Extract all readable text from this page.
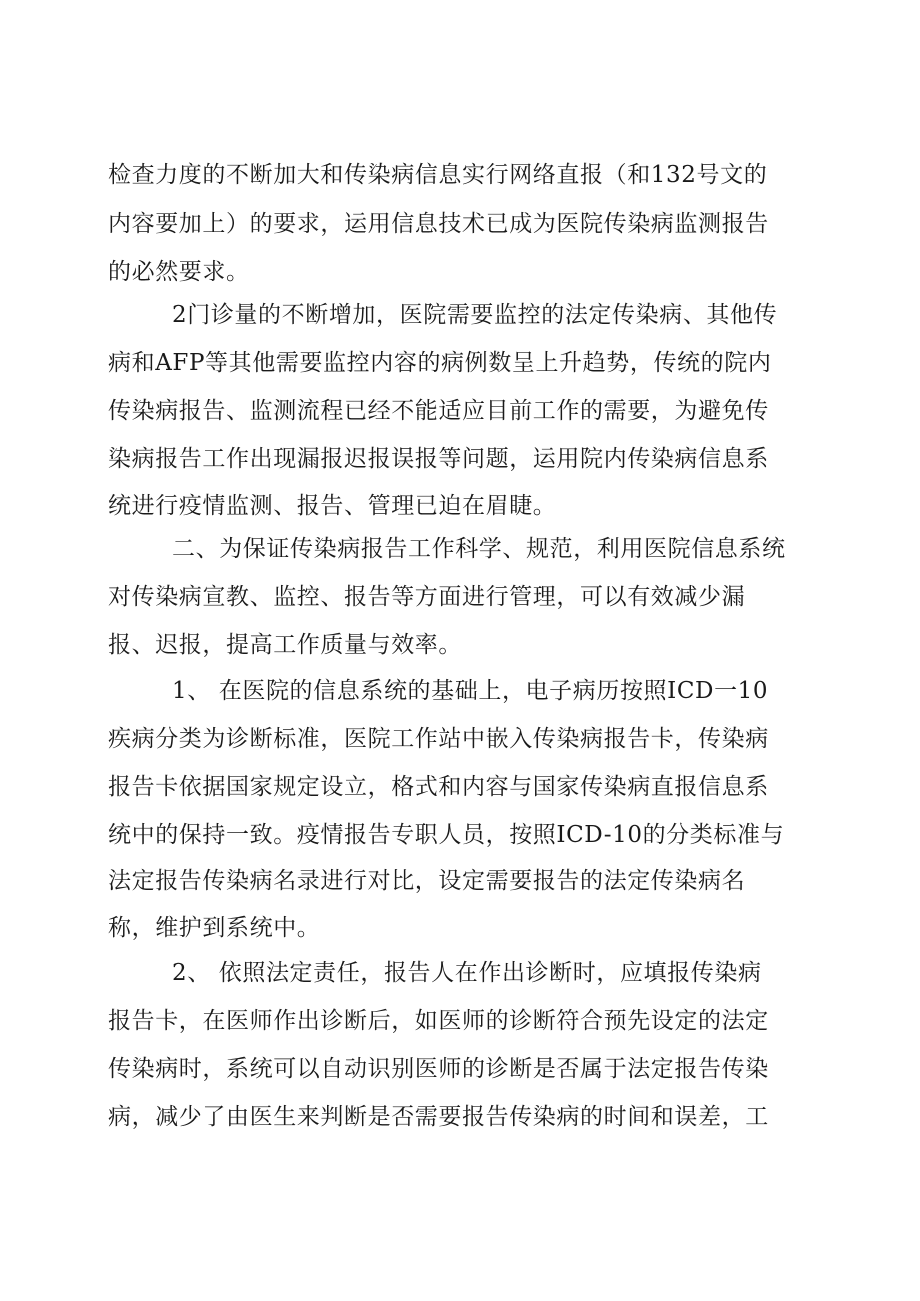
检查力度的不断加大和传染病信息实行网络直报（和132号文的
内容要加上）的要求，运用信息技术已成为医院传染病监测报告
的必然要求。
2门诊量的不断增加，医院需要监控的法定传染病、其他传
病和AFP等其他需要监控内容的病例数呈上升趋势，传统的院内
传染病报告、监测流程已经不能适应目前工作的需要，为避免传
染病报告工作出现漏报迟报误报等问题，运用院内传染病信息系
统进行疫情监测、报告、管理已迫在眉睫。
二、为保证传染病报告工作科学、规范，利用医院信息系统
对传染病宣教、监控、报告等方面进行管理，可以有效减少漏
报、迟报，提高工作质量与效率。
1、 在医院的信息系统的基础上，电子病历按照ICD一10
疾病分类为诊断标准，医院工作站中嵌入传染病报告卡，传染病
报告卡依据国家规定设立，格式和内容与国家传染病直报信息系
统中的保持一致。疫情报告专职人员，按照ICD-10的分类标准与
法定报告传染病名录进行对比，设定需要报告的法定传染病名
称，维护到系统中。
2、 依照法定责任，报告人在作出诊断时，应填报传染病
报告卡，在医师作出诊断后，如医师的诊断符合预先设定的法定
传染病时，系统可以自动识别医师的诊断是否属于法定报告传染
病，减少了由医生来判断是否需要报告传染病的时间和误差，工
